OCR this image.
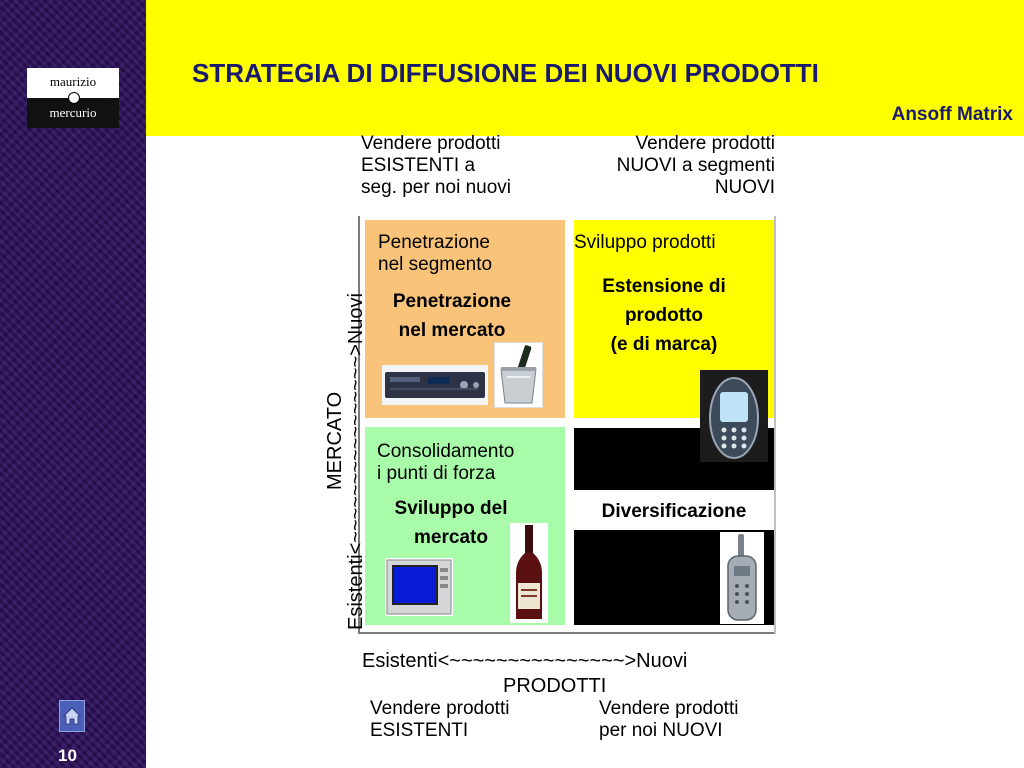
maurizio
mercurio
10
STRATEGIA DI DIFFUSIONE DEI NUOVI PRODOTTI
Ansoff Matrix
Vendere prodotti
ESISTENTI a
seg. per noi nuovi
Vendere prodotti
NUOVI a segmenti
NUOVI
Penetrazione
nel segmento
Penetrazione
nel mercato
Sviluppo prodotti
Estensione di
prodotto
(e di marca)
Consolidamento
i punti di forza
Sviluppo del
mercato
Diversificazione
Esistenti<~~~~~~~~~~~~~~~~>Nuovi
MERCATO
Esistenti<~~~~~~~~~~~~~~~>Nuovi
PRODOTTI
Vendere prodotti
ESISTENTI
Vendere prodotti
per noi NUOVI
